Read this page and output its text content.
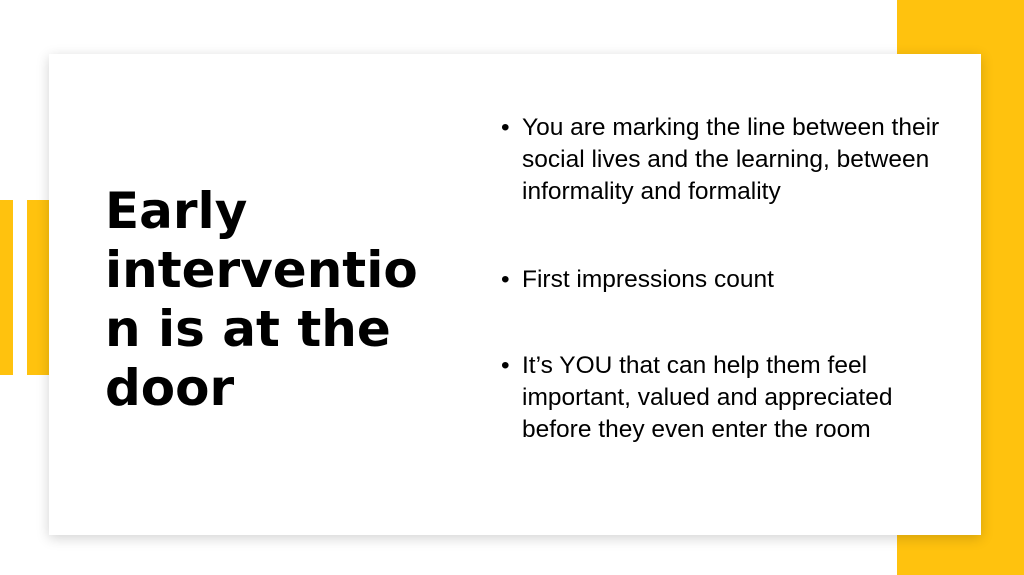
Early intervention is at the door
• You are marking the line between their social lives and the learning, between informality and formality
• First impressions count
• It’s YOU that can help them feel important, valued and appreciated before they even enter the room
